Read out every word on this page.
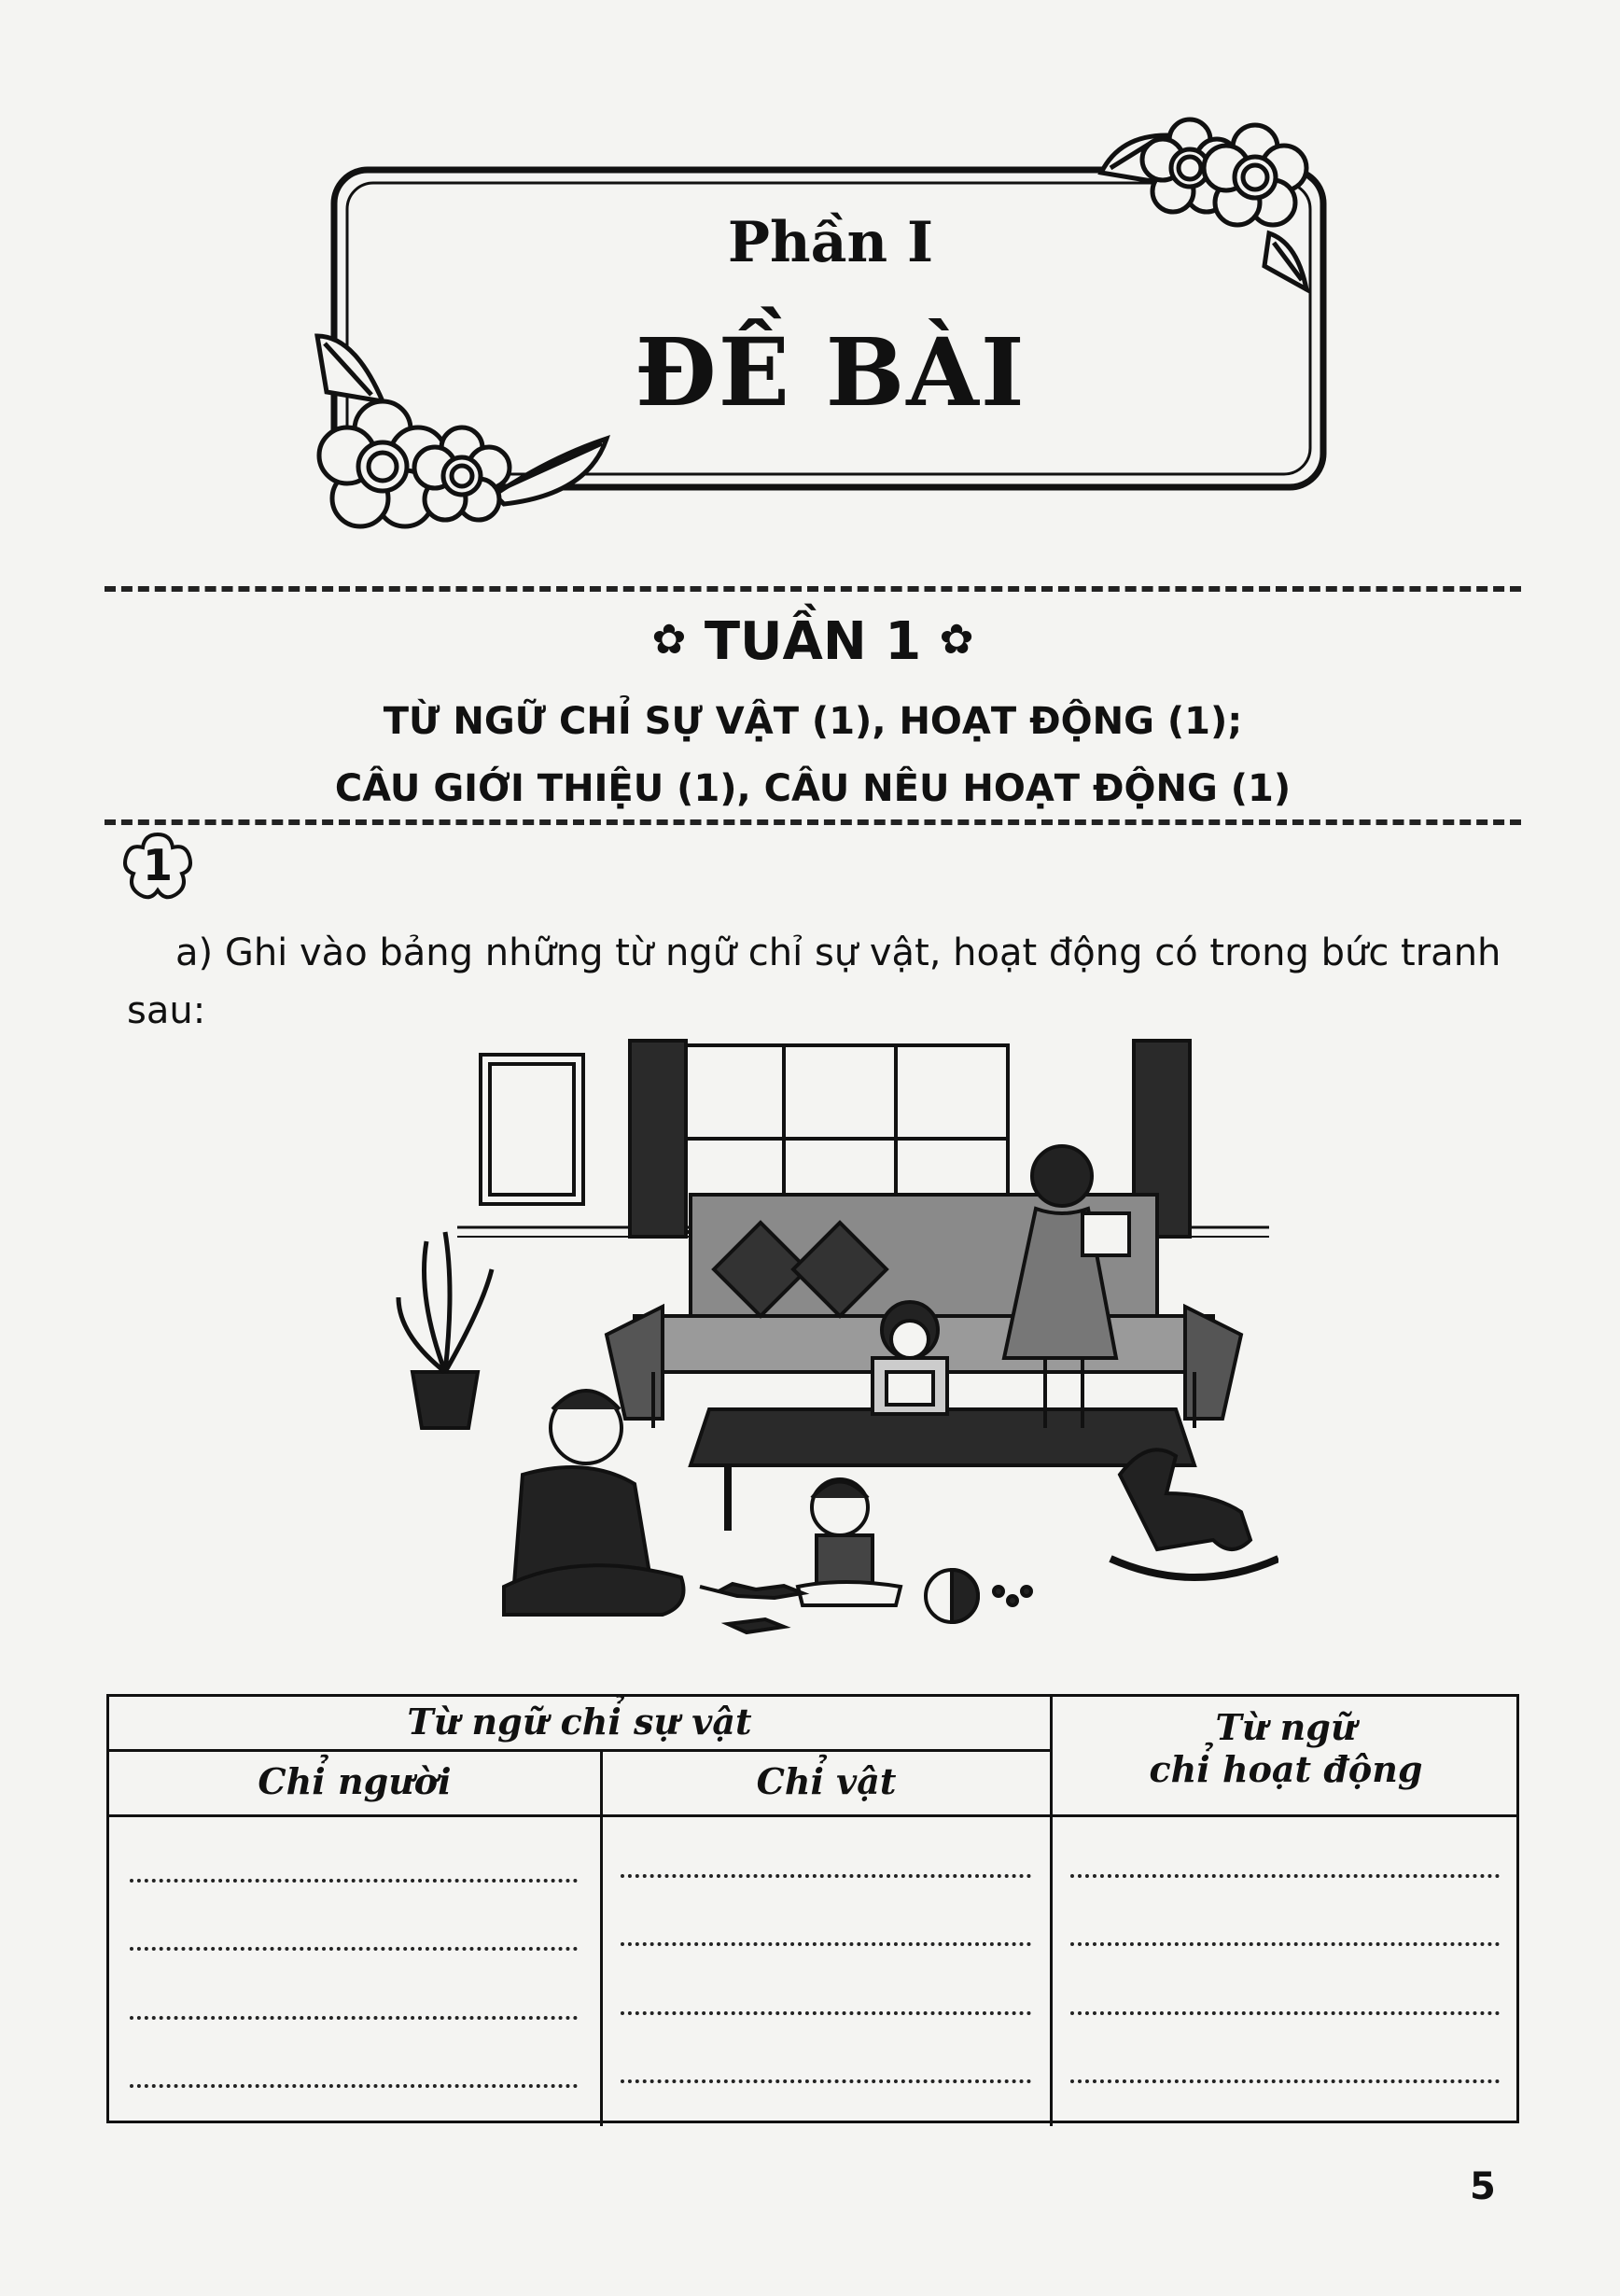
Phần I
ĐỀ BÀI
✿ TUẦN 1 ✿
TỪ NGỮ CHỈ SỰ VẬT (1), HOẠT ĐỘNG (1);
CÂU GIỚI THIỆU (1), CÂU NÊU HOẠT ĐỘNG (1)
1
a) Ghi vào bảng những từ ngữ chỉ sự vật, hoạt động có trong bức tranh sau:
Từ ngữ chỉ sự vật
Chỉ người	Chỉ vật
Từ ngữ
chỉ hoạt động
5
